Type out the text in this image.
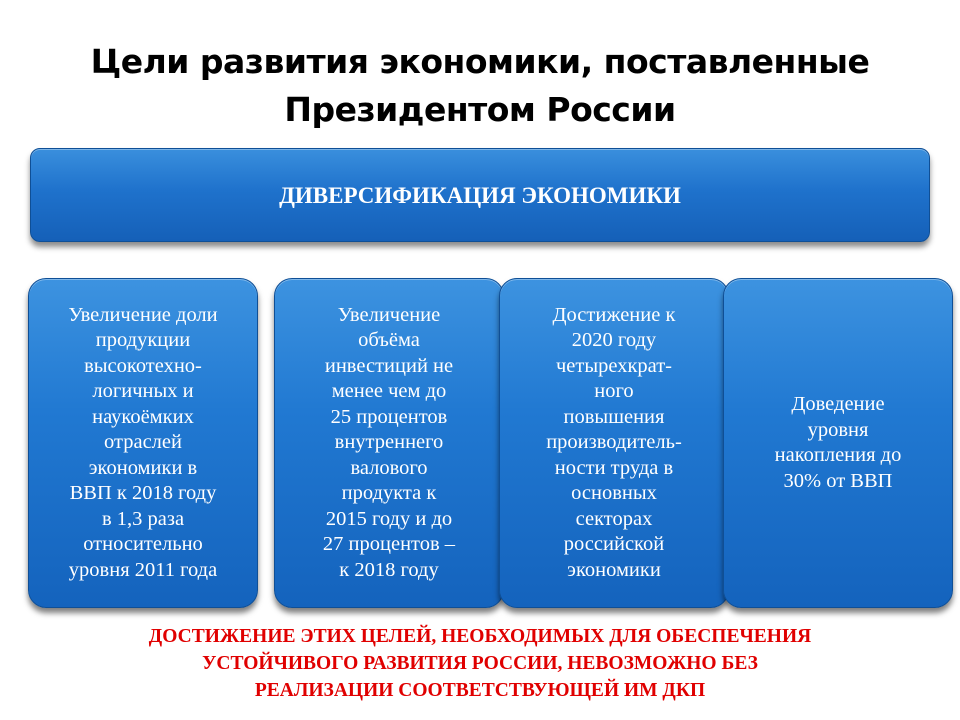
Цели развития экономики, поставленные
Президентом России
ДИВЕРСИФИКАЦИЯ ЭКОНОМИКИ
Увеличение доли
продукции
высокотехно-
логичных и
наукоёмких
отраслей
экономики в
ВВП к 2018 году
в 1,3 раза
относительно
уровня 2011 года
Увеличение
объёма
инвестиций не
менее чем до
25 процентов
внутреннего
валового
продукта к
2015 году и до
27 процентов –
к 2018 году
Достижение к
2020 году
четырехкрат-
ного
повышения
производитель-
ности труда в
основных
секторах
российской
экономики
Доведение
уровня
накопления до
30% от ВВП
ДОСТИЖЕНИЕ ЭТИХ ЦЕЛЕЙ, НЕОБХОДИМЫХ ДЛЯ ОБЕСПЕЧЕНИЯ
УСТОЙЧИВОГО РАЗВИТИЯ РОССИИ, НЕВОЗМОЖНО БЕЗ
РЕАЛИЗАЦИИ СООТВЕТСТВУЮЩЕЙ ИМ ДКП
